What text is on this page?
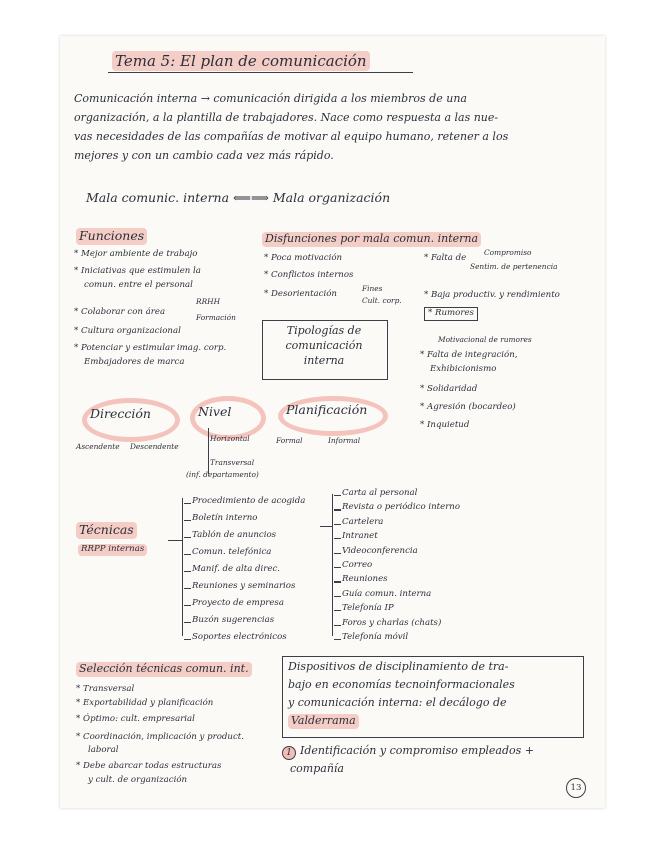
Tema 5: El plan de comunicación
Comunicación interna → comunicación dirigida a los miembros de una
organización, a la plantilla de trabajadores. Nace como respuesta a las nue-
vas necesidades de las compañías de motivar al equipo humano, retener a los
mejores y con un cambio cada vez más rápido.
Mala comunic. interna ⟸⟹ Mala organización
Funciones
* Mejor ambiente de trabajo
* Iniciativas que estimulen la
comun. entre el personal
* Colaborar con área
RRHH
Formación
* Cultura organizacional
* Potenciar y estimular imag. corp.
Embajadores de marca
Disfunciones por mala comun. interna
* Poca motivación
* Conflictos internos
* Desorientación
Fines
Cult. corp.
* Falta de
Compromiso
Sentim. de pertenencia
* Baja productiv. y rendimiento
* Rumores
Motivacional de rumores
* Falta de integración,
Exhibicionismo
* Solidaridad
* Agresión (bocardeo)
* Inquietud
Tipologías de comunicación interna
Dirección
Ascendente Descendente
Nivel
Horizontal
Transversal
(inf. departamento)
Planificación
Formal	Informal
Técnicas
RRPP internas
Procedimiento de acogida
Boletín interno
Tablón de anuncios
Comun. telefónica
Manif. de alta direc.
Reuniones y seminarios
Proyecto de empresa
Buzón sugerencias
Soportes electrónicos
Carta al personal
Revista o periódico interno
Cartelera
Intranet
Videoconferencia
Correo
Reuniones
Guía comun. interna
Telefonía IP
Foros y charlas (chats)
Telefonía móvil
Selección técnicas comun. int.
* Transversal
* Exportabilidad y planificación
* Óptimo: cult. empresarial
* Coordinación, implicación y product.
laboral
* Debe abarcar todas estructuras
y cult. de organización
Dispositivos de disciplinamiento de tra-
bajo en economías tecnoinformacionales
y comunicación interna: el decálogo de
Valderrama
1 Identificación y compromiso empleados +
compañía
13
